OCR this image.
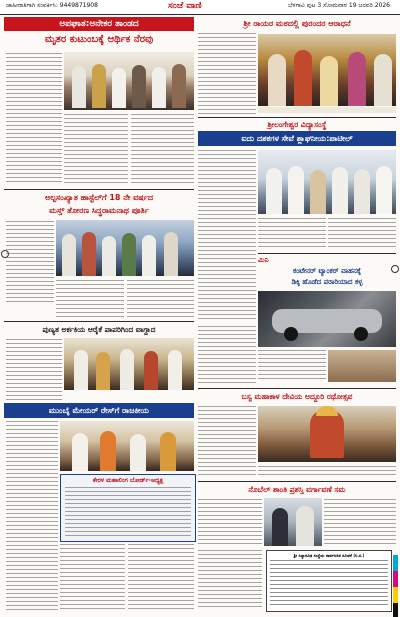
ಜಾಹೀರಾತಿಗಾಗಿ ಸಂಪರ್ಕಿಸಿ: 9449871908	ಸಂಜೆ ವಾಣಿ	ಬೆಳಗಾವಿ ಪುಟ 3 ಸೋಮವಾರ 19 ಜನವರಿ 2026
ಅಪಘಾತ:ಅನೇಕರ ತಾಂಡದ
ಮೃತರ ಕುಟುಂಬಕ್ಕೆ ಆರ್ಥಿಕ ನೆರವು
ಶ್ರೀ ರಾಯರ ಮಠದಲ್ಲಿ ಪುರಂದರ ಆರಾಧನೆ
ಶ್ರೀಲಂಗೇಶ್ವರ ವಿದ್ಯಾಸಂಸ್ಥೆ
ಐದು ದಶಕಗಳ ಸೇವೆ ಶ್ಲಾಘನೀಯ:ಪಾಟೀಲ್
ಅಲ್ಪಸಂಖ್ಯಾತ ಹಾಸ್ಟೆಲ್‌ಗೆ 18 ನೇ ವರ್ಷದ
ಮಸ್ತ್ ತೋರಣ ಸಿದ್ಧರಾಮನಾಥ ಪೂರ್ತಿ
ಮಿನಿ
ಕಂಟೇನರ್ ಟ್ಯಾಂಕರ್ ವಾಹನಕ್ಕೆ
ಡಿಕ್ಕಿ ಹೊಡೆದ ಪರಾರಿಯಾದ ಕಳ್ಳ
ಪುಣ್ಯತ ಅರ್ಕಕಿಯ ಆರೈಕೆ ಪಾಪರಿಗಿಂದ ವಾಗ್ದಾದ
ಬಸ್ವ ಮಹಾಕಾಳ ದೇವಿಯ ಅದ್ದೂರಿ ರಥೋತ್ಸವ
ಮುಂಬೈ ಮೇಯರ್ ರೇಸ್‌ಗೆ ರಾಜಕೀಯ
ಕೇರಳ ಮಹಾಲಿಂಗ ಬೋರ್ಡ್-ಅಧ್ಯಕ್ಷ
ನೊಬೆಲ್ ಶಾಂತಿ ಪ್ರಶಸ್ತಿ ವರ್ಗಾವಣೆ ಸಮ
ಶ್ರೀ ಸಿದ್ಧಾರೂಢ ಸಂಸ್ಥೆಯ ಸಾರ್ವಜನಿಕ ಸೂಚನೆ (ನಿ.ರ.)
